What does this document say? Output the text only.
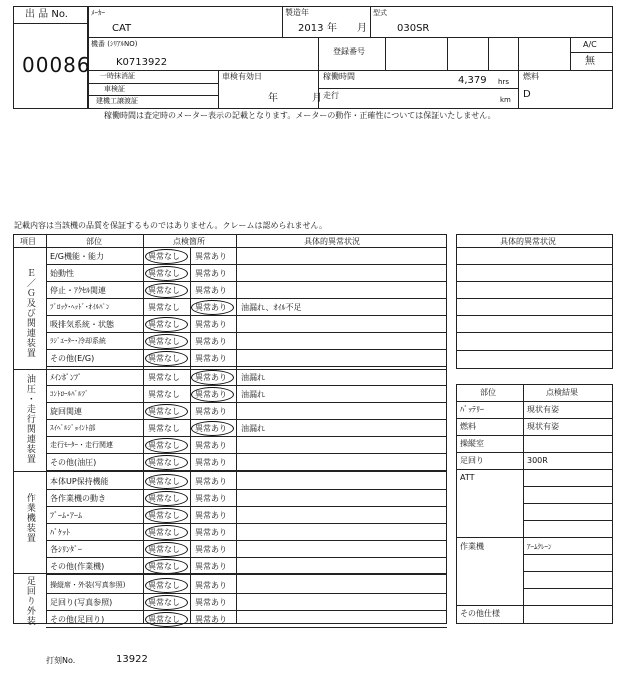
出 品 No.
00086
ﾒｰｶｰ
CAT
製造年
2013 年 月
型式
030SR
機番 (ｼﾘｱﾙNO)
K0713922
登録番号
A/C
無
一時抹消証
車検証
建機工譲渡証
車検有効日
年	月
稼働時間	4,379 hrs
走行	km
燃料
D
稼働時間は査定時のメーター表示の記載となります。メーターの動作・正確性については保証いたしません。
記載内容は当該機の品質を保証するものではありません。クレームは認められません。
項目	部位	点検箇所	具体的異常状況
Ｅ／Ｇ及び関連装置
油圧・走行関連装置
作業機装置
足回り外装
E/G機能・能力	異常なし 異常あり
始動性	異常なし 異常あり
停止・ｱｸｾﾙ関連	異常なし 異常あり
ﾌﾞﾛｯｸ･ﾍｯﾄﾞ･ｵｲﾙﾊﾟﾝ	異常なし 異常あり 油漏れ、ｵｲﾙ不足
吸排気系統・状態	異常なし 異常あり
ﾗｼﾞｴｰﾀｰ･冷却系統	異常なし 異常あり
その他(E/G)	異常なし 異常あり
ﾒｲﾝﾎﾟﾝﾌﾟ	異常なし 異常あり 油漏れ
ｺﾝﾄﾛｰﾙﾊﾞﾙﾌﾞ	異常なし 異常あり 油漏れ
旋回関連	異常なし 異常あり
ｽｲﾍﾞﾙｼﾞｮｲﾝﾄ部	異常なし 異常あり 油漏れ
走行ﾓｰﾀｰ・走行関連	異常なし 異常あり
その他(油圧)	異常なし 異常あり
本体UP保持機能	異常なし 異常あり
各作業機の動き	異常なし 異常あり
ﾌﾞｰﾑ･ｱｰﾑ	異常なし 異常あり
ﾊﾞｹｯﾄ	異常なし 異常あり
各ｼﾘﾝﾀﾞｰ	異常なし 異常あり
その他(作業機)	異常なし 異常あり
操縦席・外装(写真参照)	異常なし 異常あり
足回り(写真参照)	異常なし 異常あり
その他(足回り)	異常なし 異常あり
具体的異常状況
部位	点検結果
ﾊﾞｯﾃﾘｰ	現状有姿
燃料	現状有姿
操縦室
足回り	300R
ATT
作業機	ｱｰﾑｸﾚｰﾝ
その他仕様
打刻No.	13922
